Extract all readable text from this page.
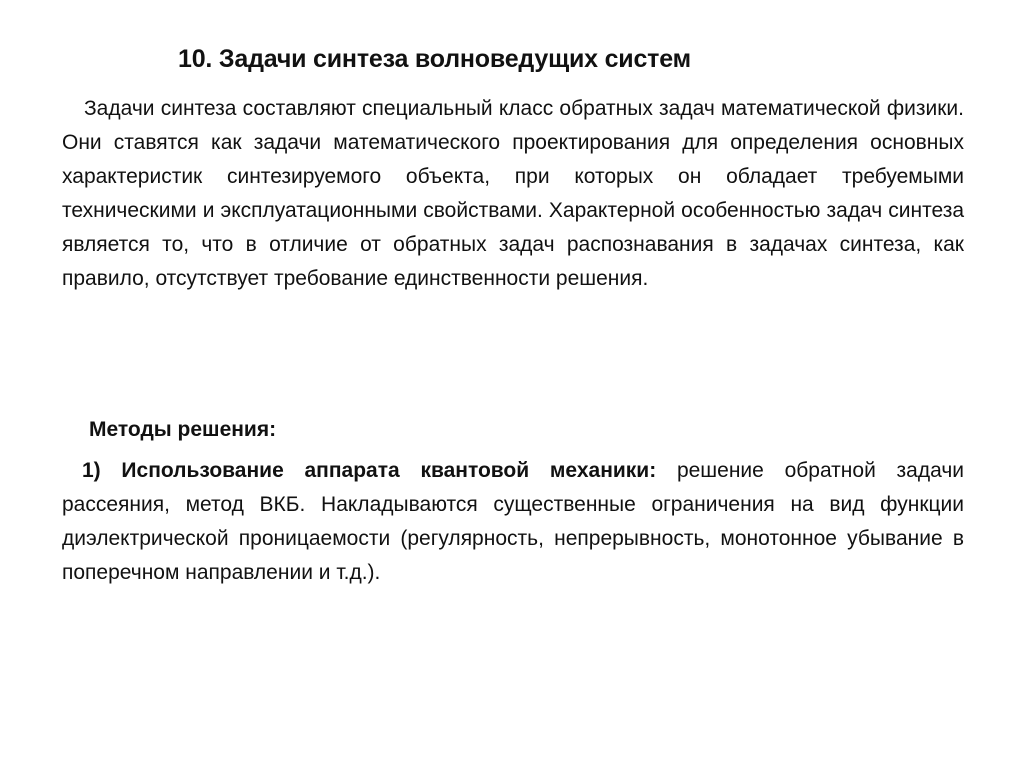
10. Задачи синтеза волноведущих систем

Задачи синтеза составляют специальный класс обратных задач математической физики. Они ставятся как задачи математического проектирования для определения основных характеристик синтезируемого объекта, при которых он обладает требуемыми техническими и эксплуатационными свойствами. Характерной особенностью задач синтеза является то, что в отличие от обратных задач распознавания в задачах синтеза, как правило, отсутствует требование единственности решения.

Методы решения:

1) Использование аппарата квантовой механики: решение обратной задачи рассеяния, метод ВКБ. Накладываются существенные ограничения на вид функции диэлектрической проницаемости (регулярность, непрерывность, монотонное убывание в поперечном направлении и т.д.).
